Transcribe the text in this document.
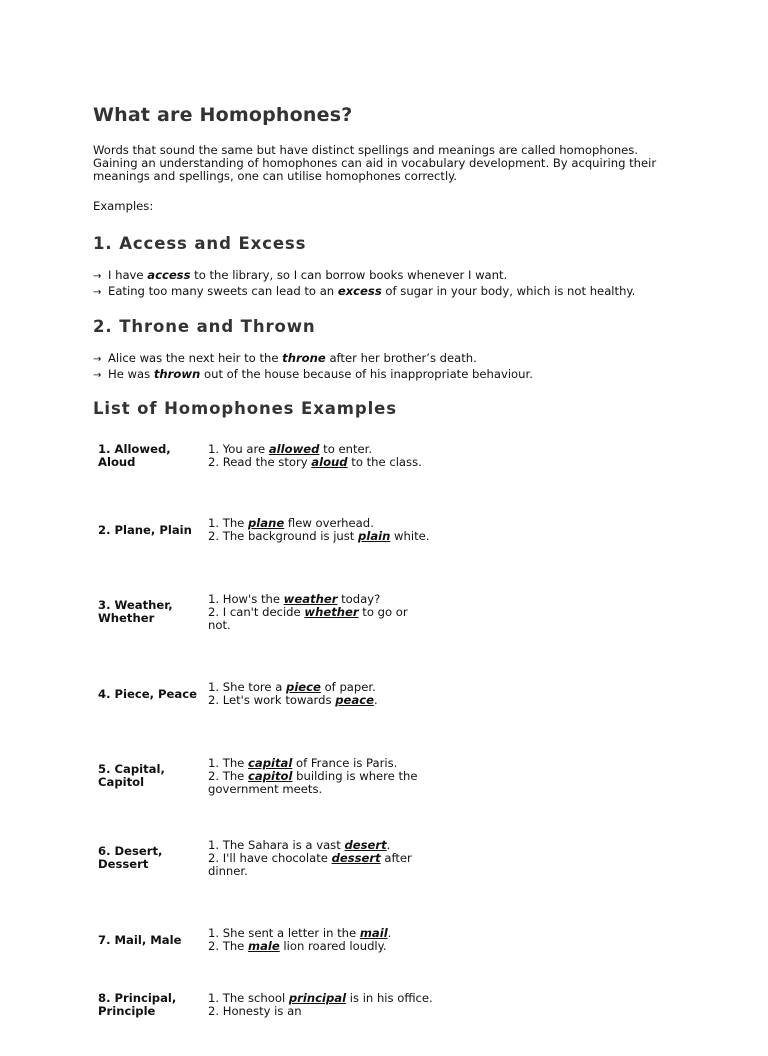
What are Homophones?

Words that sound the same but have distinct spellings and meanings are called homophones. Gaining an understanding of homophones can aid in vocabulary development. By acquiring their meanings and spellings, one can utilise homophones correctly.

Examples:

1. Access and Excess
→ I have access to the library, so I can borrow books whenever I want.
→ Eating too many sweets can lead to an excess of sugar in your body, which is not healthy.
2. Throne and Thrown
→ Alice was the next heir to the throne after her brother’s death.
→ He was thrown out of the house because of his inappropriate behaviour.
List of Homophones Examples
1. Allowed, Aloud	1. You are allowed to enter.
2. Read the story aloud to the class.

2. Plane, Plain	1. The plane flew overhead.
2. The background is just plain white.

3. Weather, Whether	1. How's the weather today?
2. I can't decide whether to go or not.

4. Piece, Peace	1. She tore a piece of paper.
2. Let's work towards peace.

5. Capital, Capitol	1. The capital of France is Paris.
2. The capitol building is where the government meets.

6. Desert, Dessert	1. The Sahara is a vast desert.
2. I'll have chocolate dessert after dinner.

7. Mail, Male	1. She sent a letter in the mail.
2. The male lion roared loudly.

8. Principal, Principle	1. The school principal is in his office.
2. Honesty is an
